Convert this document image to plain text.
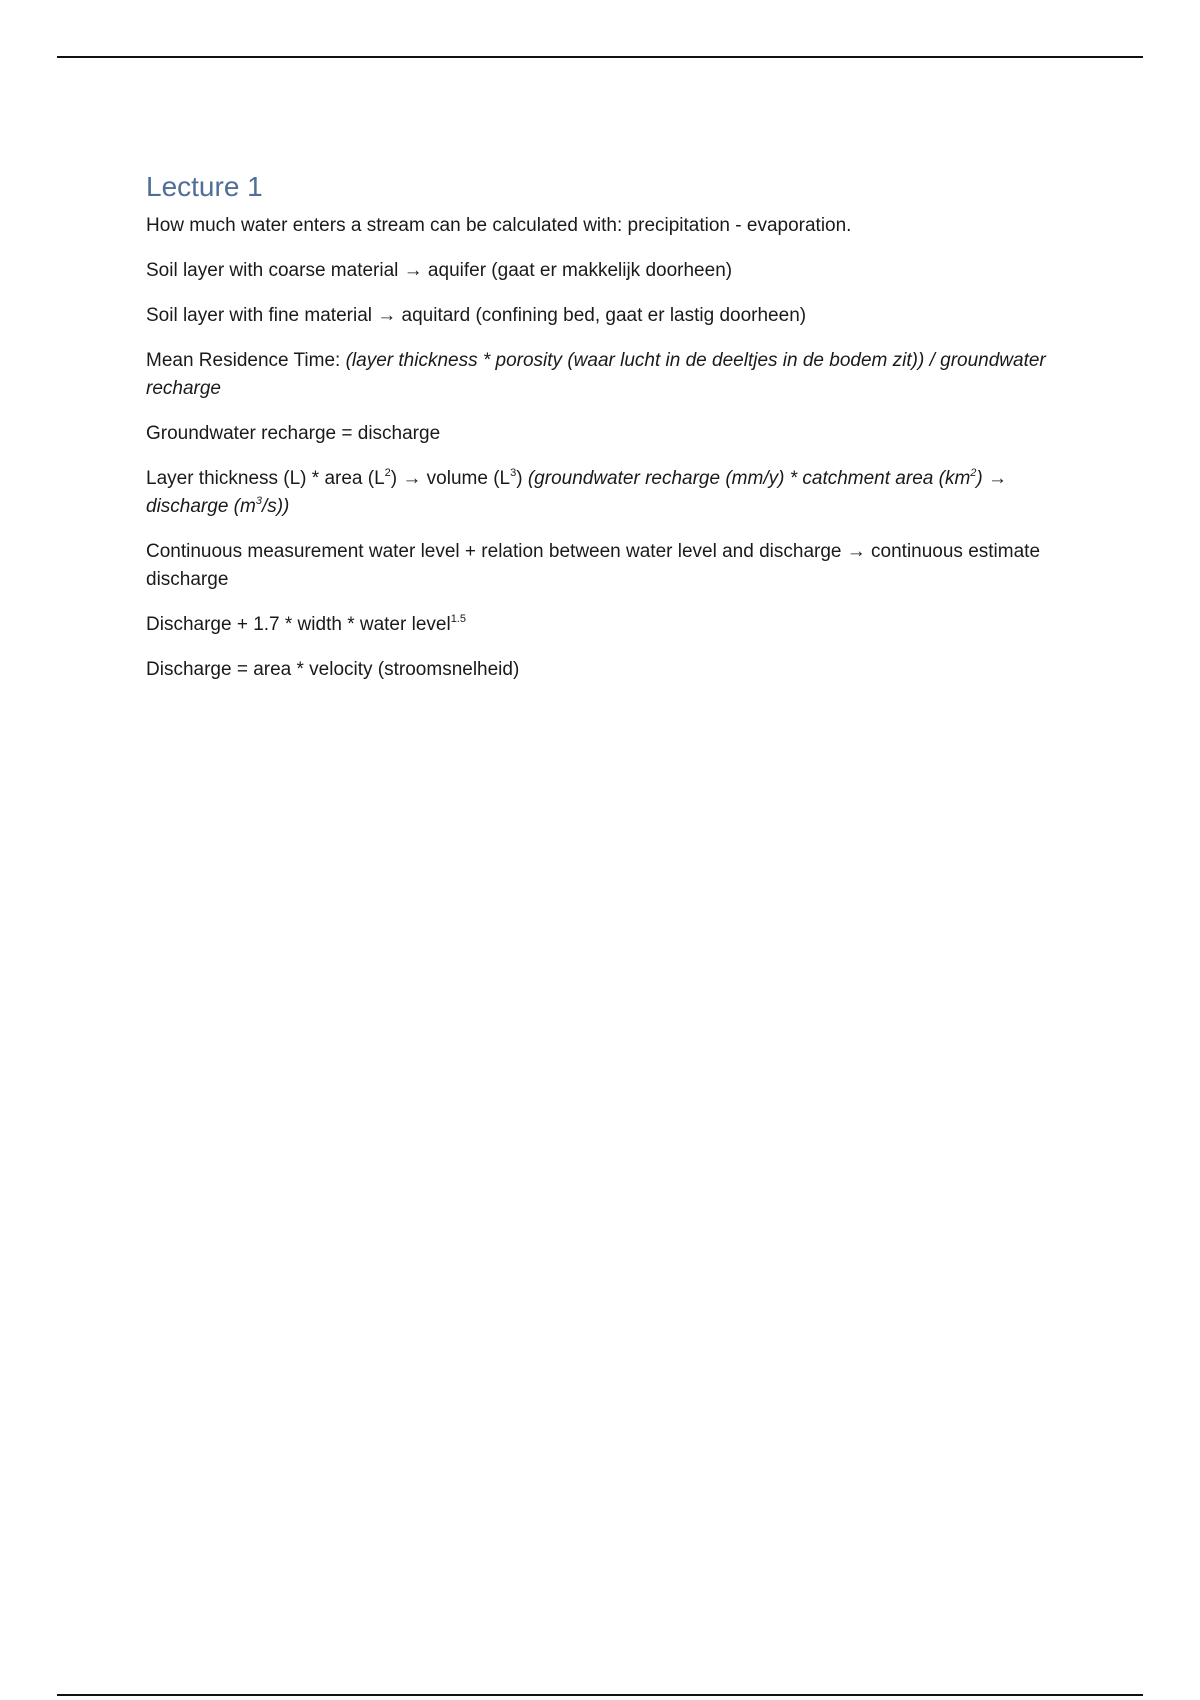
Lecture 1

How much water enters a stream can be calculated with: precipitation - evaporation.

Soil layer with coarse material → aquifer (gaat er makkelijk doorheen)

Soil layer with fine material → aquitard (confining bed, gaat er lastig doorheen)

Mean Residence Time: (layer thickness * porosity (waar lucht in de deeltjes in de bodem zit)) / groundwater recharge

Groundwater recharge = discharge

Layer thickness (L) * area $(L^2)$ → volume $(L^3)$ (groundwater recharge (mm/y) * catchment area $(km^2)$ → discharge $(m^3/s)$)

Continuous measurement water level + relation between water level and discharge → continuous estimate discharge

Discharge + 1.7 * width * water level$^{1.5}$

Discharge = area * velocity (stroomsnelheid)
